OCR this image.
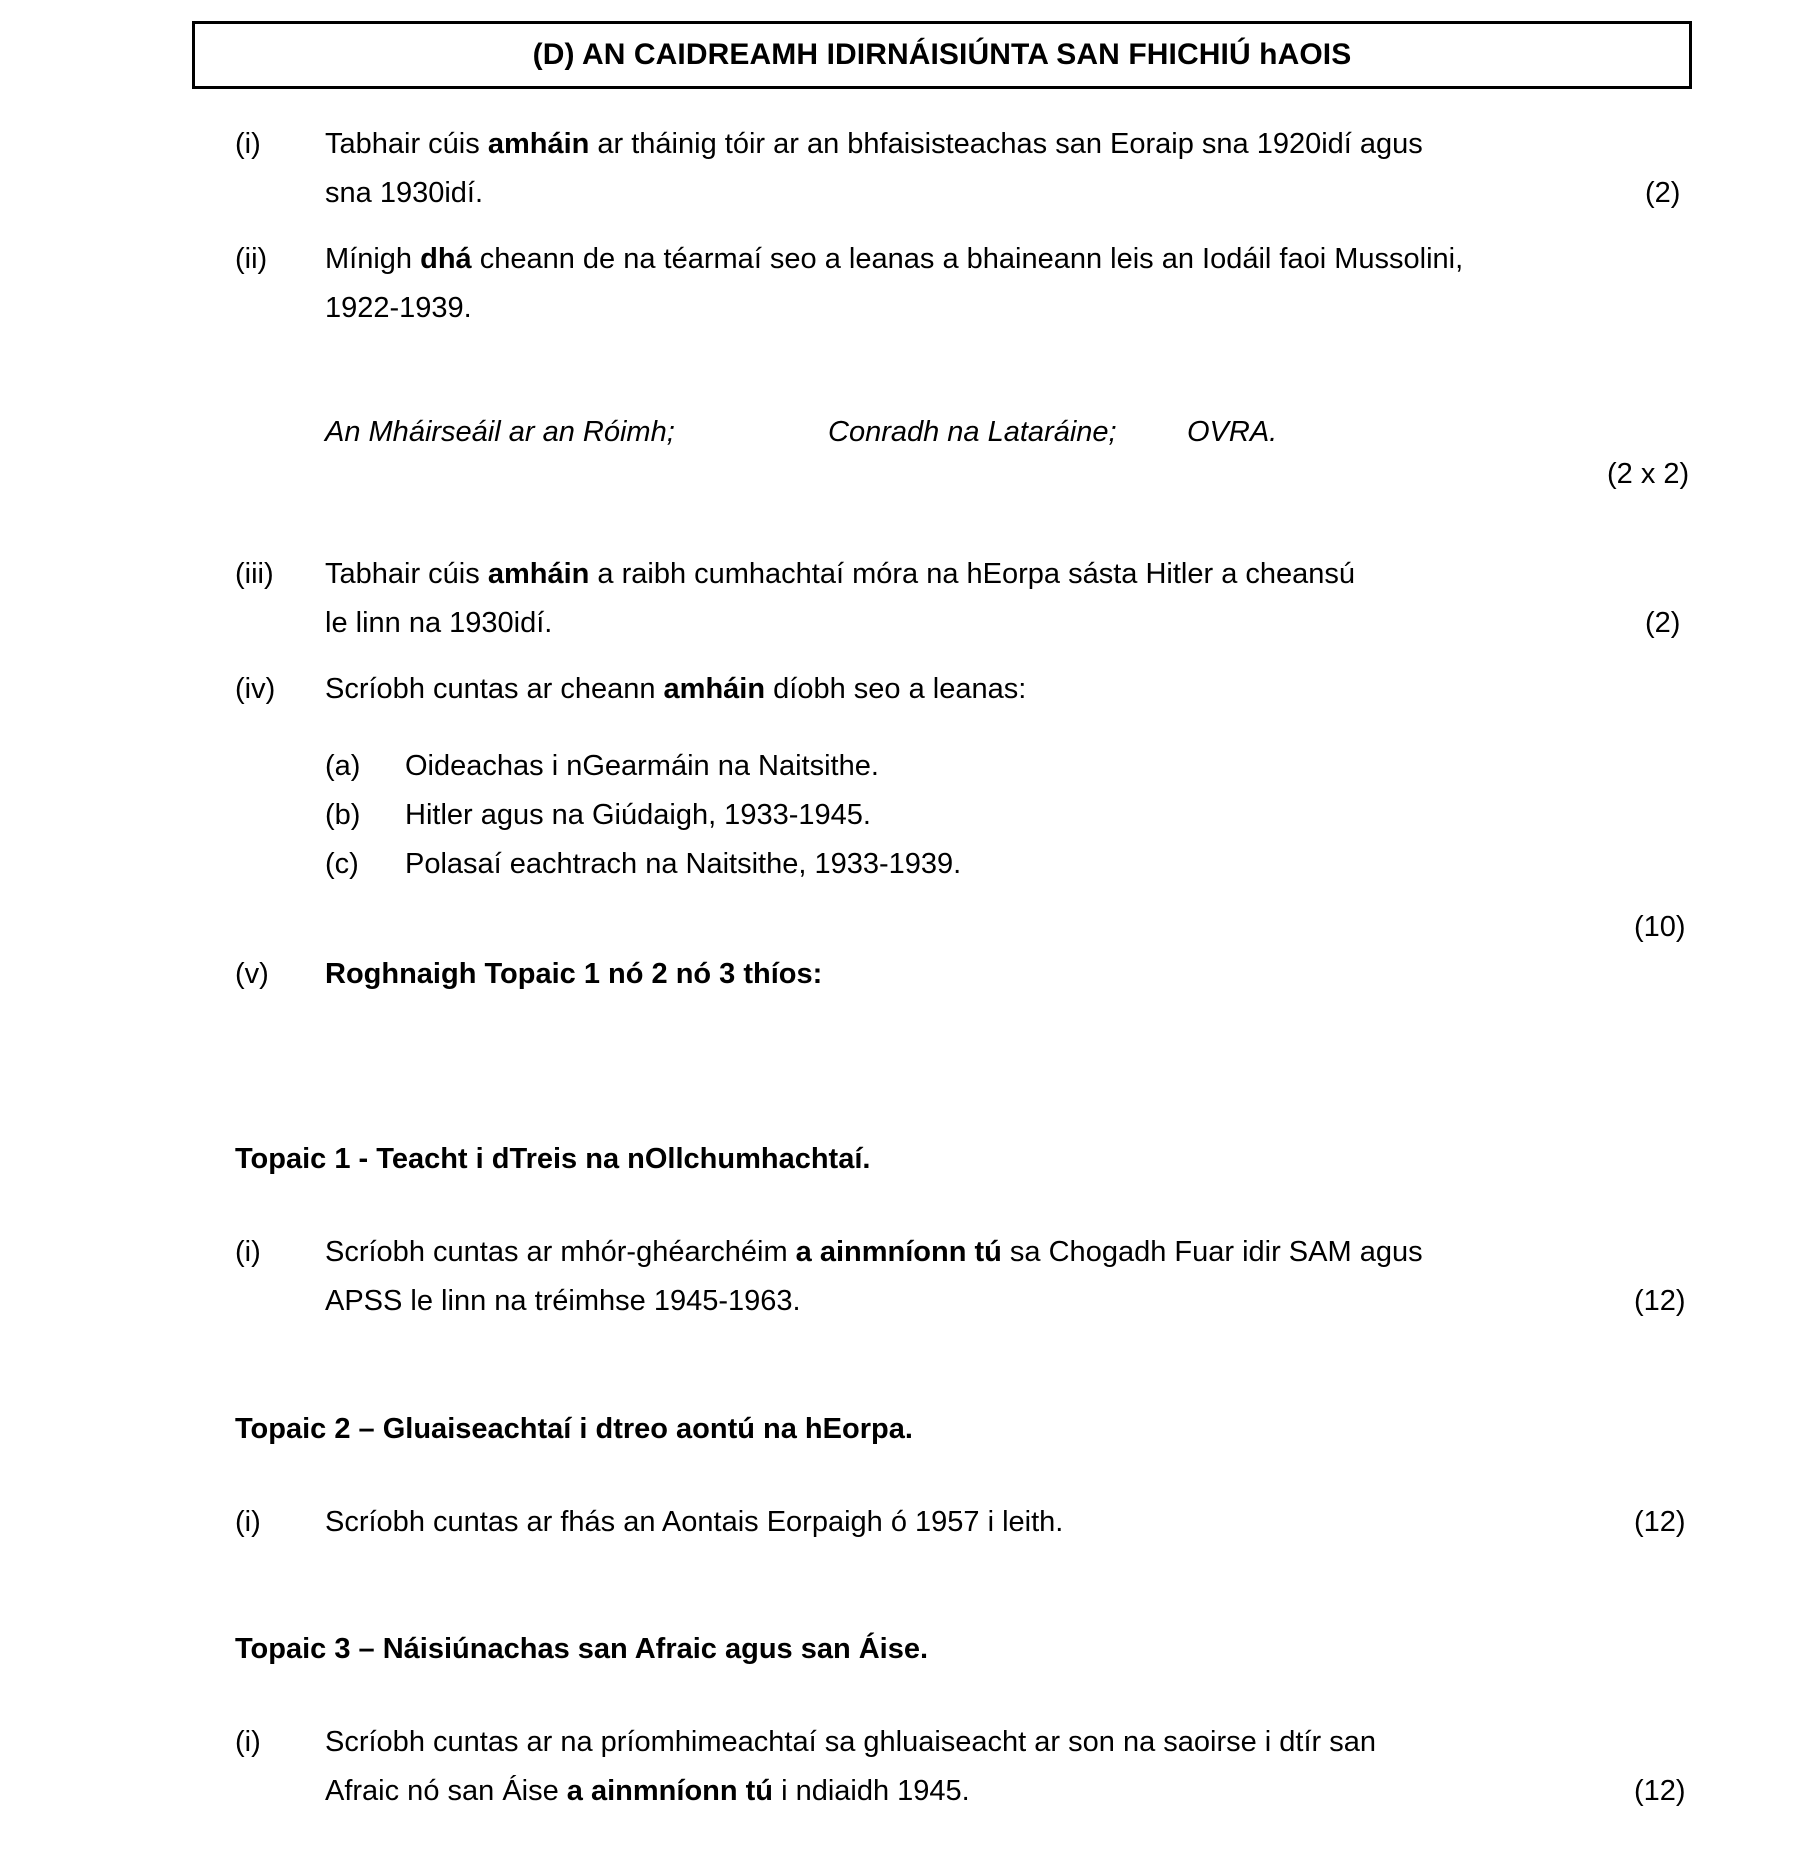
(D) AN CAIDREAMH IDIRNÁISIÚNTA SAN FHICHIÚ hAOIS
(i)	Tabhair cúis amháin ar tháinig tóir ar an bhfaisisteachas san Eoraip sna 1920idí agus

sna 1930idí.	(2)
(ii)	Mínigh dhá cheann de na téarmaí seo a leanas a bhaineann leis an Iodáil faoi Mussolini,

1922-1939.

An Mháirseáil ar an Róimh;	Conradh na Lataráine; OVRA.
(2 x 2)
(iii)	Tabhair cúis amháin a raibh cumhachtaí móra na hEorpa sásta Hitler a cheansú

le linn na 1930idí.	(2)
(iv)	Scríobh cuntas ar cheann amháin díobh seo a leanas:

(a)	Oideachas i nGearmáin na Naitsithe.
(b)	Hitler agus na Giúdaigh, 1933-1945.
(c)	Polasaí eachtrach na Naitsithe, 1933-1939.
(10)
(v)	Roghnaigh Topaic 1 nó 2 nó 3 thíos:
Topaic 1 - Teacht i dTreis na nOllchumhachtaí.
(i)	Scríobh cuntas ar mhór-ghéarchéim a ainmníonn tú sa Chogadh Fuar idir SAM agus

APSS le linn na tréimhse 1945-1963.	(12)
Topaic 2 – Gluaiseachtaí i dtreo aontú na hEorpa.
(i)	Scríobh cuntas ar fhás an Aontais Eorpaigh ó 1957 i leith.	(12)
Topaic 3 – Náisiúnachas san Afraic agus san Áise.
(i)	Scríobh cuntas ar na príomhimeachtaí sa ghluaiseacht ar son na saoirse i dtír san

Afraic nó san Áise a ainmníonn tú i ndiaidh 1945.	(12)
